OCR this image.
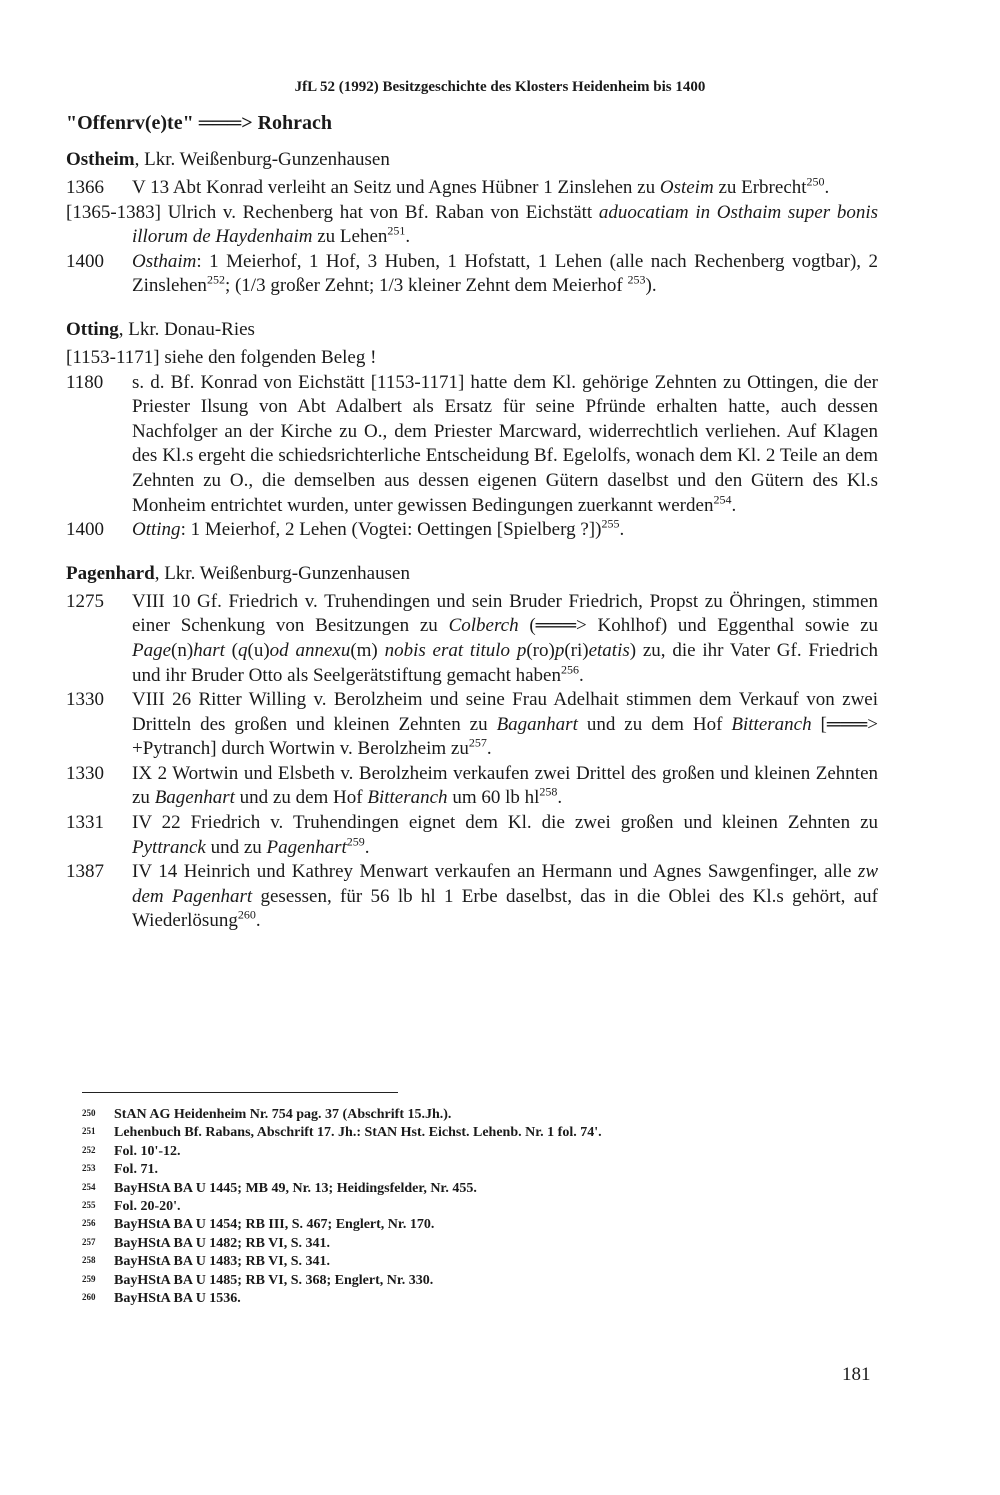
JfL 52 (1992) Besitzgeschichte des Klosters Heidenheim bis 1400
"Offenrv(e)te" ═══> Rohrach
Ostheim, Lkr. Weißenburg-Gunzenhausen
1366	V 13 Abt Konrad verleiht an Seitz und Agnes Hübner 1 Zinslehen zu Osteim zu Erbrecht$^{250}$.
[1365-1383] Ulrich v. Rechenberg hat von Bf. Raban von Eichstätt aduocatiam in Osthaim super bonis illorum de Haydenhaim zu Lehen$^{251}$.
1400	Osthaim: 1 Meierhof, 1 Hof, 3 Huben, 1 Hofstatt, 1 Lehen (alle nach Rechenberg vogtbar), 2 Zinslehen$^{252}$; (1/3 großer Zehnt; 1/3 kleiner Zehnt dem Meierhof $^{253}$).
Otting, Lkr. Donau-Ries
[1153-1171] siehe den folgenden Beleg !
1180	s. d. Bf. Konrad von Eichstätt [1153-1171] hatte dem Kl. gehörige Zehnten zu Ottingen, die der Priester Ilsung von Abt Adalbert als Ersatz für seine Pfründe erhalten hatte, auch dessen Nachfolger an der Kirche zu O., dem Priester Marcward, widerrechtlich verliehen. Auf Klagen des Kl.s ergeht die schiedsrichterliche Entscheidung Bf. Egelolfs, wonach dem Kl. 2 Teile an dem Zehnten zu O., die demselben aus dessen eigenen Gütern daselbst und den Gütern des Kl.s Monheim entrichtet wurden, unter gewissen Bedingungen zuerkannt werden$^{254}$.
1400	Otting: 1 Meierhof, 2 Lehen (Vogtei: Oettingen [Spielberg ?])$^{255}$.
Pagenhard, Lkr. Weißenburg-Gunzenhausen
1275	VIII 10 Gf. Friedrich v. Truhendingen und sein Bruder Friedrich, Propst zu Öhringen, stimmen einer Schenkung von Besitzungen zu Colberch (═══> Kohlhof) und Eggenthal sowie zu Page(n)hart (q(u)od annexu(m) nobis erat titulo p(ro)p(ri)etatis) zu, die ihr Vater Gf. Friedrich und ihr Bruder Otto als Seelgerätstiftung gemacht haben$^{256}$.
1330	VIII 26 Ritter Willing v. Berolzheim und seine Frau Adelhait stimmen dem Verkauf von zwei Dritteln des großen und kleinen Zehnten zu Baganhart und zu dem Hof Bitteranch [═══> +Pytranch] durch Wortwin v. Berolzheim $zu^{257}$.
1330	IX 2 Wortwin und Elsbeth v. Berolzheim verkaufen zwei Drittel des großen und kleinen Zehnten zu Bagenhart und zu dem Hof Bitteranch um 60 lb $hl^{258}$.
1331	IV 22 Friedrich v. Truhendingen eignet dem Kl. die zwei großen und kleinen Zehnten zu Pyttranck und zu Pagenhart$^{259}$.
1387	IV 14 Heinrich und Kathrey Menwart verkaufen an Hermann und Agnes Sawgenfinger, alle zw dem Pagenhart gesessen, für 56 lb hl 1 Erbe daselbst, das in die Oblei des Kl.s gehört, auf Wiederlösung$^{260}$.
250 StAN AG Heidenheim Nr. 754 pag. 37 (Abschrift 15.Jh.).
251 Lehenbuch Bf. Rabans, Abschrift 17. Jh.: StAN Hst. Eichst. Lehenb. Nr. 1 fol. 74'.
252 Fol. 10'-12.
253 Fol. 71.
254 BayHStA BA U 1445; MB 49, Nr. 13; Heidingsfelder, Nr. 455.
255 Fol. 20-20'.
256 BayHStA BA U 1454; RB III, S. 467; Englert, Nr. 170.
257 BayHStA BA U 1482; RB VI, S. 341.
258 BayHStA BA U 1483; RB VI, S. 341.
259 BayHStA BA U 1485; RB VI, S. 368; Englert, Nr. 330.
260 BayHStA BA U 1536.
181
